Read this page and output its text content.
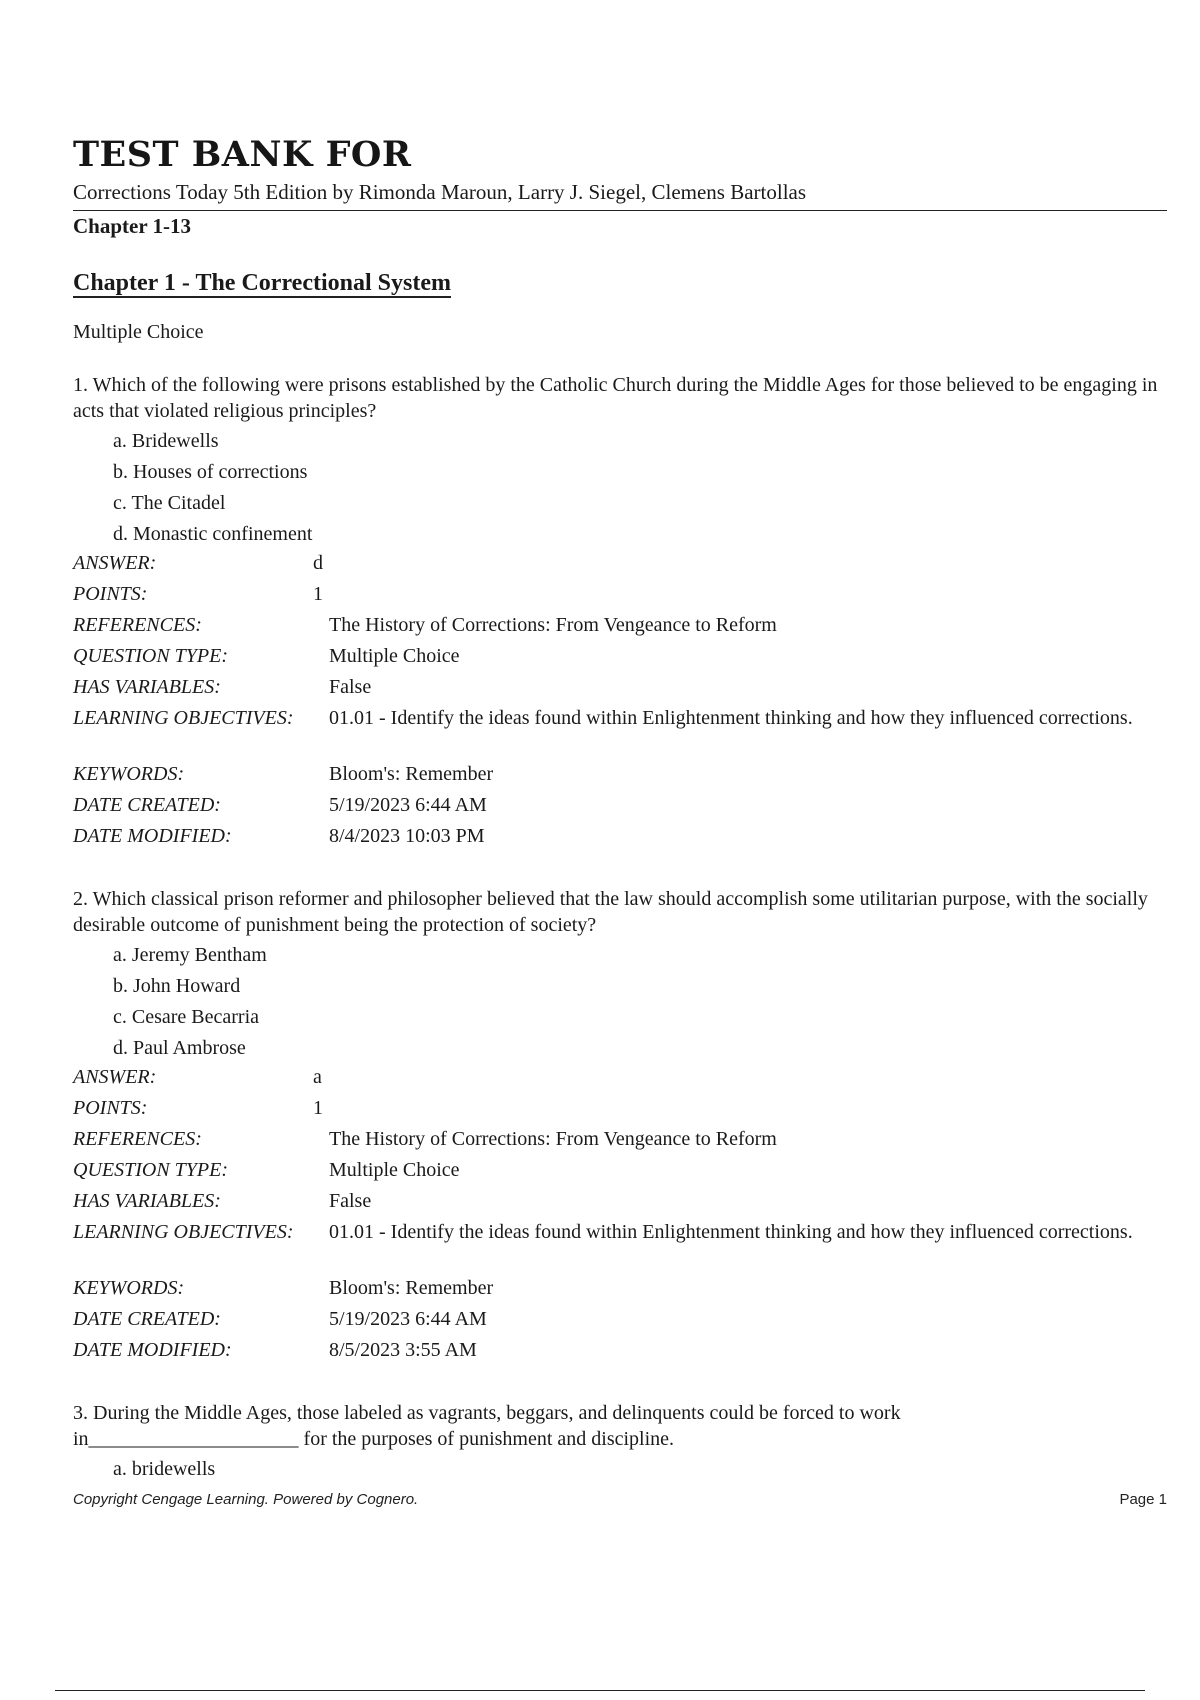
TEST BANK FOR
Corrections Today 5th Edition by Rimonda Maroun, Larry J. Siegel, Clemens Bartollas
Chapter 1-13
Chapter 1 - The Correctional System
Multiple Choice

1. Which of the following were prisons established by the Catholic Church during the Middle Ages for those believed to be engaging in acts that violated religious principles?

a. Bridewells
b. Houses of corrections
c. The Citadel
d. Monastic confinement
ANSWER:	d
POINTS:	1
REFERENCES:	The History of Corrections: From Vengeance to Reform
QUESTION TYPE:	Multiple Choice
HAS VARIABLES:	False
LEARNING OBJECTIVES:	01.01 - Identify the ideas found within Enlightenment thinking and how they influenced corrections.
KEYWORDS:	Bloom's: Remember
DATE CREATED:	5/19/2023 6:44 AM
DATE MODIFIED:	8/4/2023 10:03 PM

2. Which classical prison reformer and philosopher believed that the law should accomplish some utilitarian purpose, with the socially desirable outcome of punishment being the protection of society?

a. Jeremy Bentham
b. John Howard
c. Cesare Becarria
d. Paul Ambrose
ANSWER:	a
POINTS:	1
REFERENCES:	The History of Corrections: From Vengeance to Reform
QUESTION TYPE:	Multiple Choice
HAS VARIABLES:	False
LEARNING OBJECTIVES:	01.01 - Identify the ideas found within Enlightenment thinking and how they influenced corrections.
KEYWORDS:	Bloom's: Remember
DATE CREATED:	5/19/2023 6:44 AM
DATE MODIFIED:	8/5/2023 3:55 AM

3. During the Middle Ages, those labeled as vagrants, beggars, and delinquents could be forced to work

in_____________________ for the purposes of punishment and discipline.

a. bridewells
Copyright Cengage Learning. Powered by Cognero.	Page 1
